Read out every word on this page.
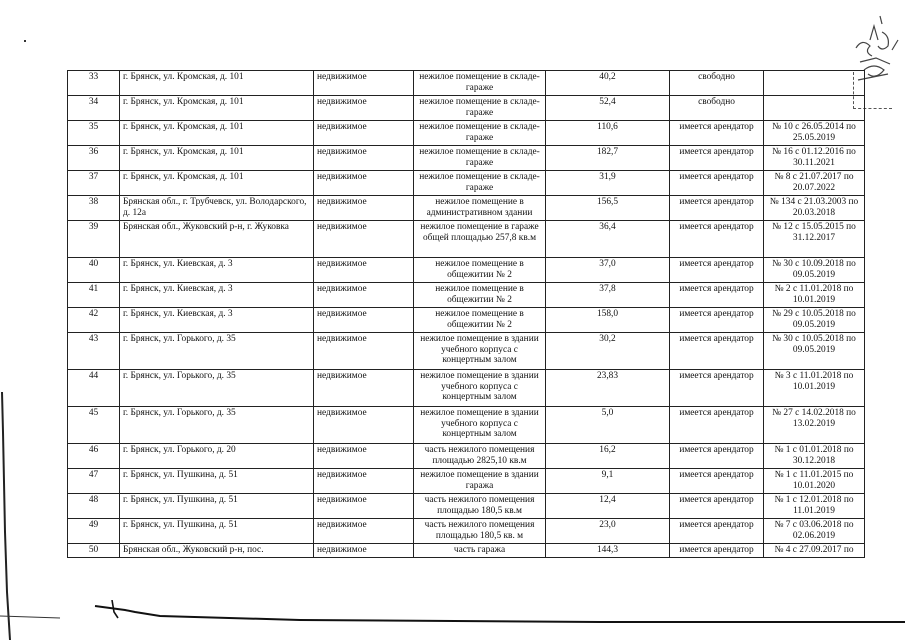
33	г. Брянск, ул. Кромская, д. 101	недвижимое	нежилое помещение в складе-гараже	40,2	свободно	
34	г. Брянск, ул. Кромская, д. 101	недвижимое	нежилое помещение в складе-гараже	52,4	свободно	
35	г. Брянск, ул. Кромская, д. 101	недвижимое	нежилое помещение в складе-гараже	110,6	имеется арендатор	№ 10 с 26.05.2014 по 25.05.2019
36	г. Брянск, ул. Кромская, д. 101	недвижимое	нежилое помещение в складе-гараже	182,7	имеется арендатор	№ 16 с 01.12.2016 по 30.11.2021
37	г. Брянск, ул. Кромская, д. 101	недвижимое	нежилое помещение в складе-гараже	31,9	имеется арендатор	№ 8 с 21.07.2017 по 20.07.2022
38	Брянская обл., г. Трубчевск, ул. Володарского, д. 12а	недвижимое	нежилое помещение в административном здании	156,5	имеется арендатор	№ 134 с 21.03.2003 по 20.03.2018
39	Брянская обл., Жуковский р-н, г. Жуковка	недвижимое	нежилое помещение в гараже общей площадью 257,8 кв.м	36,4	имеется арендатор	№ 12 с 15.05.2015 по 31.12.2017
40	г. Брянск, ул. Киевская, д. 3	недвижимое	нежилое помещение в общежитии № 2	37,0	имеется арендатор	№ 30 с 10.09.2018 по 09.05.2019
41	г. Брянск, ул. Киевская, д. 3	недвижимое	нежилое помещение в общежитии № 2	37,8	имеется арендатор	№ 2 с 11.01.2018 по 10.01.2019
42	г. Брянск, ул. Киевская, д. 3	недвижимое	нежилое помещение в общежитии № 2	158,0	имеется арендатор	№ 29 с 10.05.2018 по 09.05.2019
43	г. Брянск, ул. Горького, д. 35	недвижимое	нежилое помещение в здании учебного корпуса с концертным залом	30,2	имеется арендатор	№ 30 с 10.05.2018 по 09.05.2019
44	г. Брянск, ул. Горького, д. 35	недвижимое	нежилое помещение в здании учебного корпуса с концертным залом	23,83	имеется арендатор	№ 3 с 11.01.2018 по 10.01.2019
45	г. Брянск, ул. Горького, д. 35	недвижимое	нежилое помещение в здании учебного корпуса с концертным залом	5,0	имеется арендатор	№ 27 с 14.02.2018 по 13.02.2019
46	г. Брянск, ул. Горького, д. 20	недвижимое	часть нежилого помещения площадью 2825,10 кв.м	16,2	имеется арендатор	№ 1 с 01.01.2018 по 30.12.2018
47	г. Брянск, ул. Пушкина, д. 51	недвижимое	нежилое помещение в здании гаража	9,1	имеется арендатор	№ 1 с 11.01.2015 по 10.01.2020
48	г. Брянск, ул. Пушкина, д. 51	недвижимое	часть нежилого помещения площадью 180,5 кв.м	12,4	имеется арендатор	№ 1 с 12.01.2018 по 11.01.2019
49	г. Брянск, ул. Пушкина, д. 51	недвижимое	часть нежилого помещения площадью 180,5 кв. м	23,0	имеется арендатор	№ 7 с 03.06.2018 по 02.06.2019
50	Брянская обл., Жуковский р-н, пос.	недвижимое	часть гаража	144,3	имеется арендатор	№ 4 с 27.09.2017 по
